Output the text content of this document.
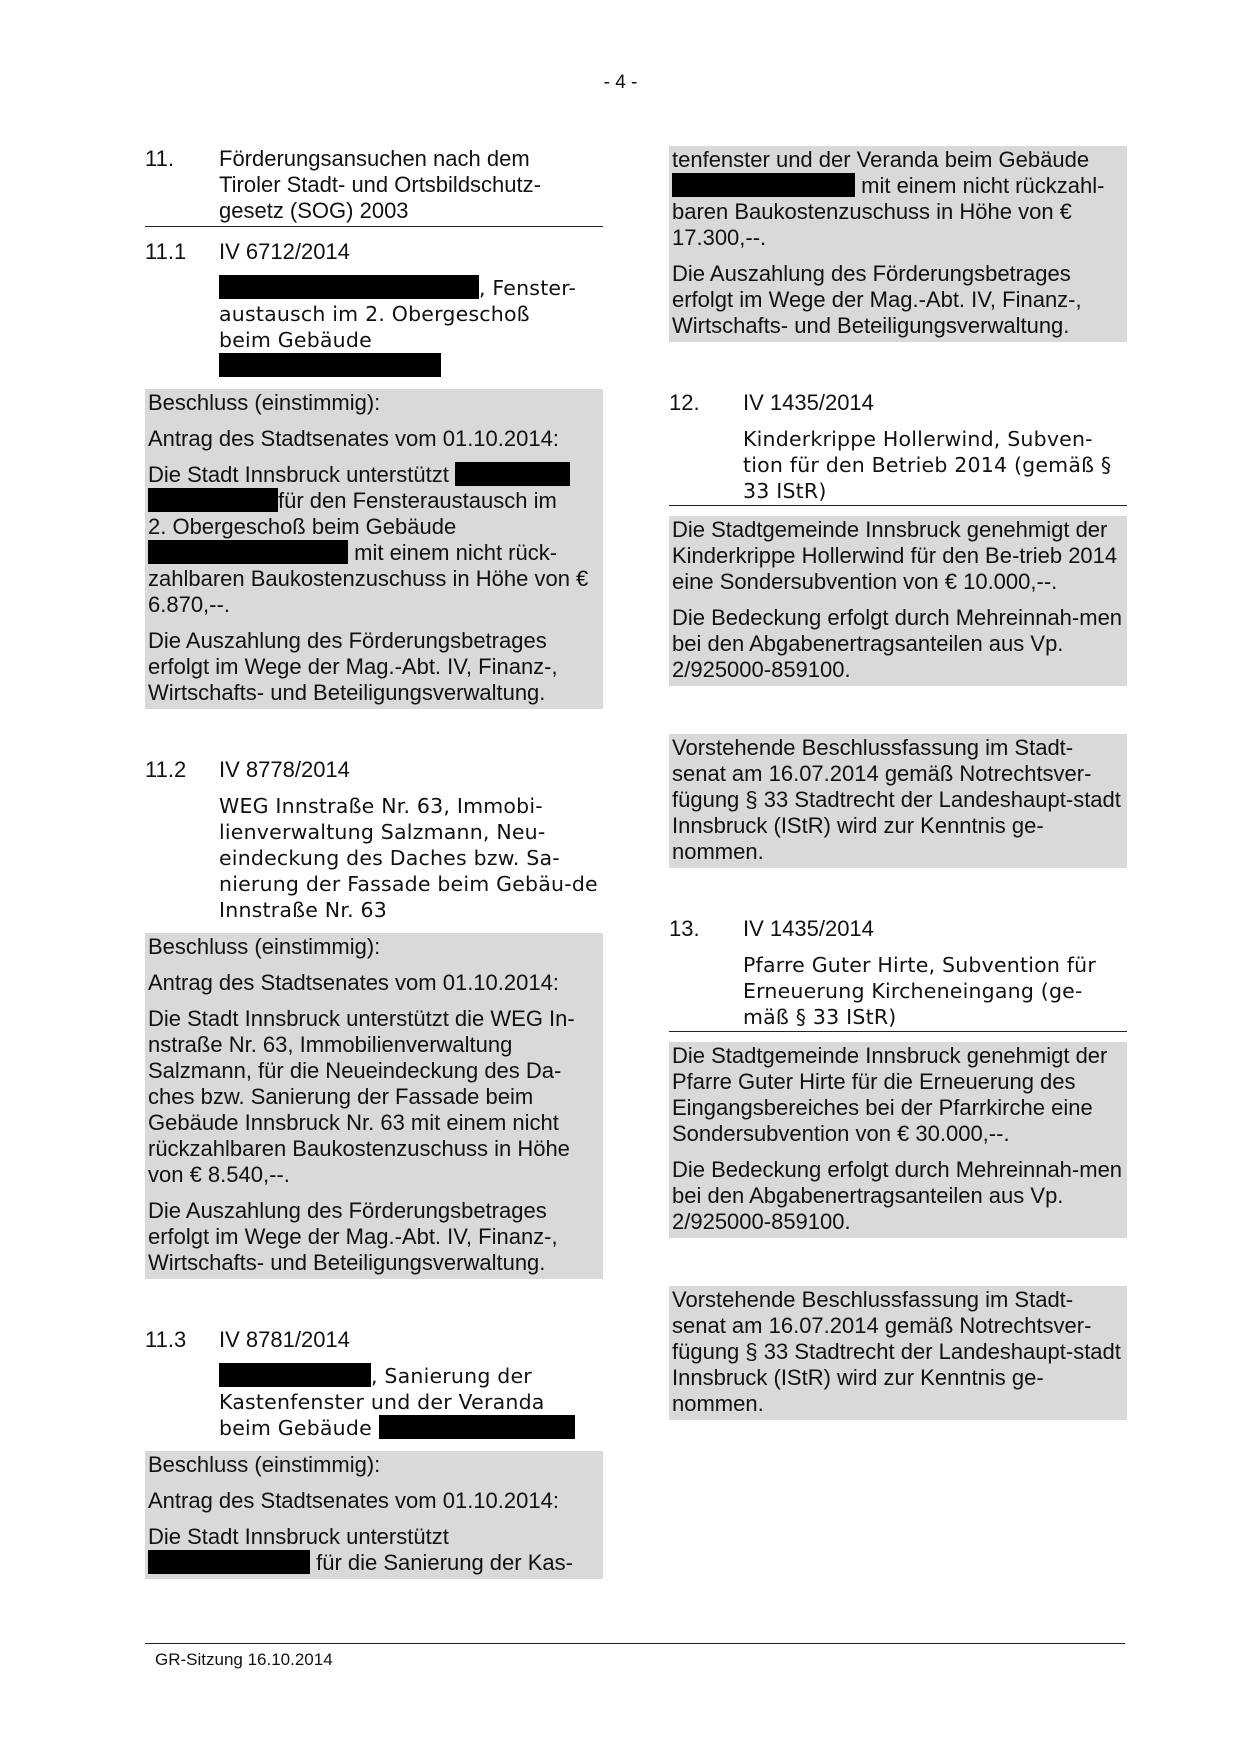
- 4 -
11.	Förderungsansuchen nach dem Tiroler Stadt- und Ortsbildschutz-gesetz (SOG) 2003
11.1	IV 6712/2014
, Fenster-
austausch im 2. Obergeschoß
beim Gebäude

Beschluss (einstimmig):

Antrag des Stadtsenates vom 01.10.2014:

Die Stadt Innsbruck unterstützt
für den Fensteraustausch im
2. Obergeschoß beim Gebäude
mit einem nicht rück-
zahlbaren Baukostenzuschuss in Höhe von € 6.870,--.

Die Auszahlung des Förderungsbetrages erfolgt im Wege der Mag.-Abt. IV, Finanz-, Wirtschafts- und Beteiligungsverwaltung.

11.2	IV 8778/2014
WEG Innstraße Nr. 63, Immobi-lienverwaltung Salzmann, Neu-eindeckung des Daches bzw. Sa-nierung der Fassade beim Gebäu-de Innstraße Nr. 63

Beschluss (einstimmig):

Antrag des Stadtsenates vom 01.10.2014:

Die Stadt Innsbruck unterstützt die WEG In-nstraße Nr. 63, Immobilienverwaltung Salzmann, für die Neueindeckung des Da-ches bzw. Sanierung der Fassade beim Gebäude Innsbruck Nr. 63 mit einem nicht rückzahlbaren Baukostenzuschuss in Höhe von € 8.540,--.

Die Auszahlung des Förderungsbetrages erfolgt im Wege der Mag.-Abt. IV, Finanz-, Wirtschafts- und Beteiligungsverwaltung.

11.3	IV 8781/2014
, Sanierung der
Kastenfenster und der Veranda
beim Gebäude

Beschluss (einstimmig):

Antrag des Stadtsenates vom 01.10.2014:

Die Stadt Innsbruck unterstützt
für die Sanierung der Kas-

tenfenster und der Veranda beim Gebäude
mit einem nicht rückzahl-
baren Baukostenzuschuss in Höhe von € 17.300,--.

Die Auszahlung des Förderungsbetrages erfolgt im Wege der Mag.-Abt. IV, Finanz-, Wirtschafts- und Beteiligungsverwaltung.

12.	IV 1435/2014
Kinderkrippe Hollerwind, Subven-tion für den Betrieb 2014 (gemäß § 33 IStR)

Die Stadtgemeinde Innsbruck genehmigt der Kinderkrippe Hollerwind für den Be-trieb 2014 eine Sondersubvention von € 10.000,--.

Die Bedeckung erfolgt durch Mehreinnah-men bei den Abgabenertragsanteilen aus Vp. 2/925000-859100.

Vorstehende Beschlussfassung im Stadt-senat am 16.07.2014 gemäß Notrechtsver-fügung § 33 Stadtrecht der Landeshaupt-stadt Innsbruck (IStR) wird zur Kenntnis ge-nommen.

13.	IV 1435/2014
Pfarre Guter Hirte, Subvention für Erneuerung Kircheneingang (ge-mäß § 33 IStR)

Die Stadtgemeinde Innsbruck genehmigt der Pfarre Guter Hirte für die Erneuerung des Eingangsbereiches bei der Pfarrkirche eine Sondersubvention von € 30.000,--.

Die Bedeckung erfolgt durch Mehreinnah-men bei den Abgabenertragsanteilen aus Vp. 2/925000-859100.

Vorstehende Beschlussfassung im Stadt-senat am 16.07.2014 gemäß Notrechtsver-fügung § 33 Stadtrecht der Landeshaupt-stadt Innsbruck (IStR) wird zur Kenntnis ge-nommen.

GR-Sitzung 16.10.2014
